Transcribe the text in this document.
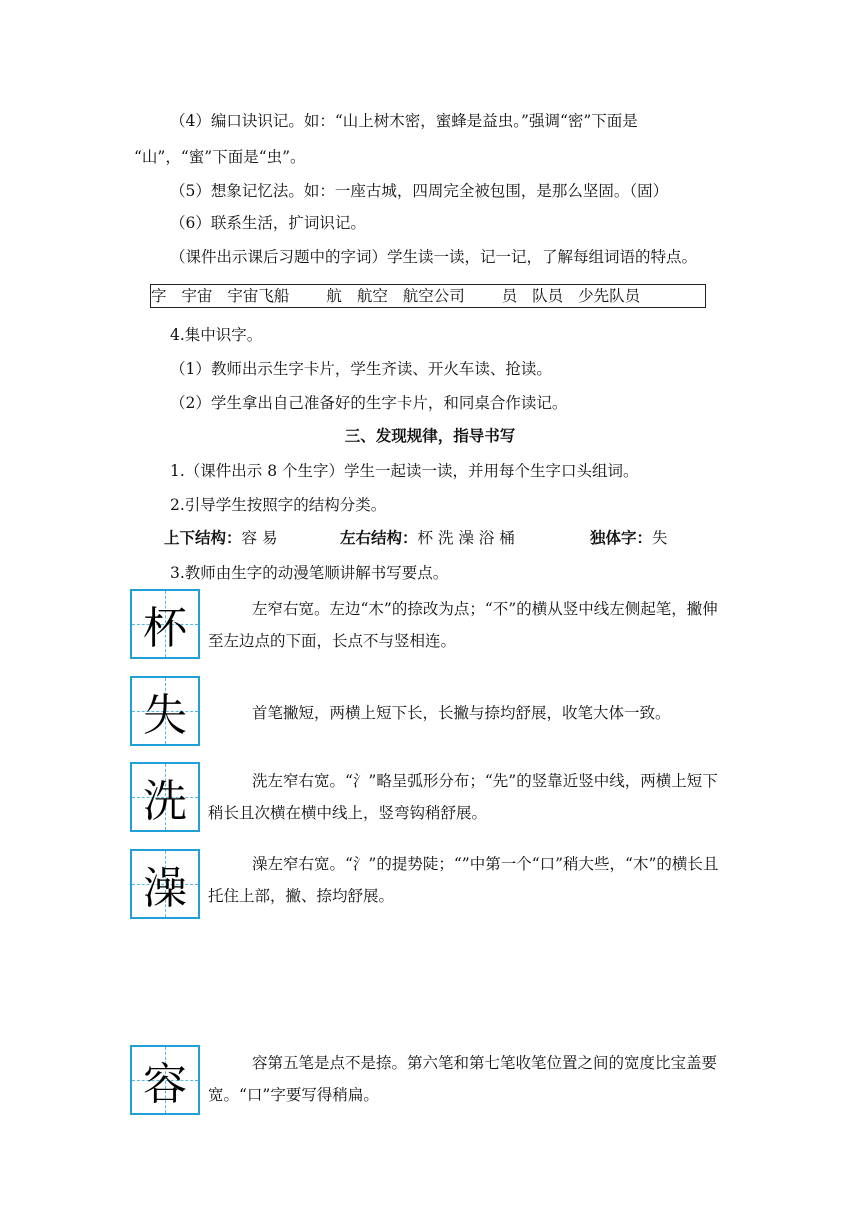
（4）编口诀识记。如：“山上树木密，蜜蜂是益虫。”强调“密”下面是
“山”，“蜜”下面是“虫”。
（5）想象记忆法。如：一座古城，四周完全被包围，是那么坚固。（固）
（6）联系生活，扩词识记。
（课件出示课后习题中的字词）学生读一读，记一记，了解每组词语的特点。
字 宇宙 宇宙飞船 航 航空 航空公司 员 队员 少先队员
4.集中识字。
（1）教师出示生字卡片，学生齐读、开火车读、抢读。
（2）学生拿出自己准备好的生字卡片，和同桌合作读记。
三、发现规律，指导书写
1.（课件出示 8 个生字）学生一起读一读，并用每个生字口头组词。
2.引导学生按照字的结构分类。
上下结构：容 易	左右结构：杯 洗 澡 浴 桶	独体字：失
3.教师由生字的动漫笔顺讲解书写要点。
杯	左窄右宽。左边“木”的捺改为点；“不”的横从竖中线左侧起笔，撇伸至左边点的下面，长点不与竖相连。
失	首笔撇短，两横上短下长，长撇与捺均舒展，收笔大体一致。
洗	洗左窄右宽。“氵”略呈弧形分布；“先”的竖靠近竖中线，两横上短下稍长且次横在横中线上，竖弯钩稍舒展。
澡	澡左窄右宽。“氵”的提势陡；“”中第一个“口”稍大些，“木”的横长且托住上部，撇、捺均舒展。
容	容第五笔是点不是捺。第六笔和第七笔收笔位置之间的宽度比宝盖要宽。“口”字要写得稍扁。
